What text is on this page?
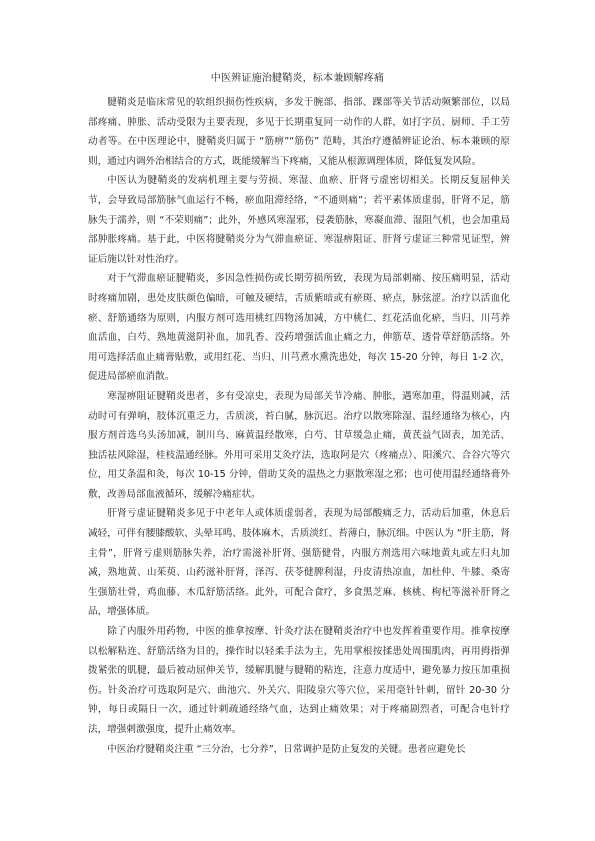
中医辨证施治腱鞘炎，标本兼顾解疼痛

腱鞘炎是临床常见的软组织损伤性疾病，多发于腕部、指部、踝部等关节活动频繁部位，以局部疼痛、肿胀、活动受限为主要表现，多见于长期重复同一动作的人群，如打字员、厨师、手工劳动者等。在中医理论中，腱鞘炎归属于 “筋痹”“筋伤” 范畴，其治疗遵循辨证论治、标本兼顾的原则，通过内调外治相结合的方式，既能缓解当下疼痛，又能从根源调理体质，降低复发风险。

中医认为腱鞘炎的发病机理主要与劳损、寒湿、血瘀、肝肾亏虚密切相关。长期反复屈伸关节，会导致局部筋脉气血运行不畅，瘀血阻滞经络，“不通则痛”；若平素体质虚弱，肝肾不足，筋脉失于濡养，则 “不荣则痛”；此外，外感风寒湿邪，侵袭筋脉，寒凝血滞、湿阻气机，也会加重局部肿胀疼痛。基于此，中医将腱鞘炎分为气滞血瘀证、寒湿痹阻证、肝肾亏虚证三种常见证型，辨证后施以针对性治疗。

对于气滞血瘀证腱鞘炎，多因急性损伤或长期劳损所致，表现为局部刺痛、按压痛明显，活动时疼痛加剧，患处皮肤颜色偏暗，可触及硬结，舌质紫暗或有瘀斑、瘀点，脉弦涩。治疗以活血化瘀、舒筋通络为原则，内服方剂可选用桃红四物汤加减，方中桃仁、红花活血化瘀，当归、川芎养血活血，白芍、熟地黄滋阴补血，加乳香、没药增强活血止痛之力，伸筋草、透骨草舒筋活络。外用可选择活血止痛膏贴敷，或用红花、当归、川芎煮水熏洗患处，每次 15-20 分钟，每日 1-2 次，促进局部瘀血消散。

寒湿痹阻证腱鞘炎患者，多有受凉史，表现为局部关节冷痛、肿胀，遇寒加重，得温则减，活动时可有弹响，肢体沉重乏力，舌质淡，苔白腻，脉沉迟。治疗以散寒除湿、温经通络为核心，内服方剂首选乌头汤加减，制川乌、麻黄温经散寒，白芍、甘草缓急止痛，黄芪益气固表，加羌活、独活祛风除湿，桂枝温通经脉。外用可采用艾灸疗法，选取阿是穴（疼痛点）、阳溪穴、合谷穴等穴位，用艾条温和灸，每次 10-15 分钟，借助艾灸的温热之力驱散寒湿之邪；也可使用温经通络膏外敷，改善局部血液循环，缓解冷痛症状。

肝肾亏虚证腱鞘炎多见于中老年人或体质虚弱者，表现为局部酸痛乏力，活动后加重，休息后减轻，可伴有腰膝酸软、头晕耳鸣、肢体麻木，舌质淡红、苔薄白，脉沉细。中医认为 “肝主筋，肾主骨”，肝肾亏虚则筋脉失养，治疗需滋补肝肾、强筋健骨，内服方剂选用六味地黄丸或左归丸加减，熟地黄、山茱萸、山药滋补肝肾，泽泻、茯苓健脾利湿，丹皮清热凉血，加杜仲、牛膝、桑寄生强筋壮骨，鸡血藤、木瓜舒筋活络。此外，可配合食疗，多食黑芝麻、核桃、枸杞等滋补肝肾之品，增强体质。

除了内服外用药物，中医的推拿按摩、针灸疗法在腱鞘炎治疗中也发挥着重要作用。推拿按摩以松解粘连、舒筋活络为目的，操作时以轻柔手法为主，先用掌根按揉患处周围肌肉，再用拇指弹拨紧张的肌腱，最后被动屈伸关节，缓解肌腱与腱鞘的粘连，注意力度适中，避免暴力按压加重损伤。针灸治疗可选取阿是穴、曲池穴、外关穴、阳陵泉穴等穴位，采用毫针针刺，留针 20-30 分钟，每日或隔日一次，通过针刺疏通经络气血，达到止痛效果；对于疼痛剧烈者，可配合电针疗法，增强刺激强度，提升止痛效率。

中医治疗腱鞘炎注重 “三分治，七分养”，日常调护是防止复发的关键。患者应避免长
